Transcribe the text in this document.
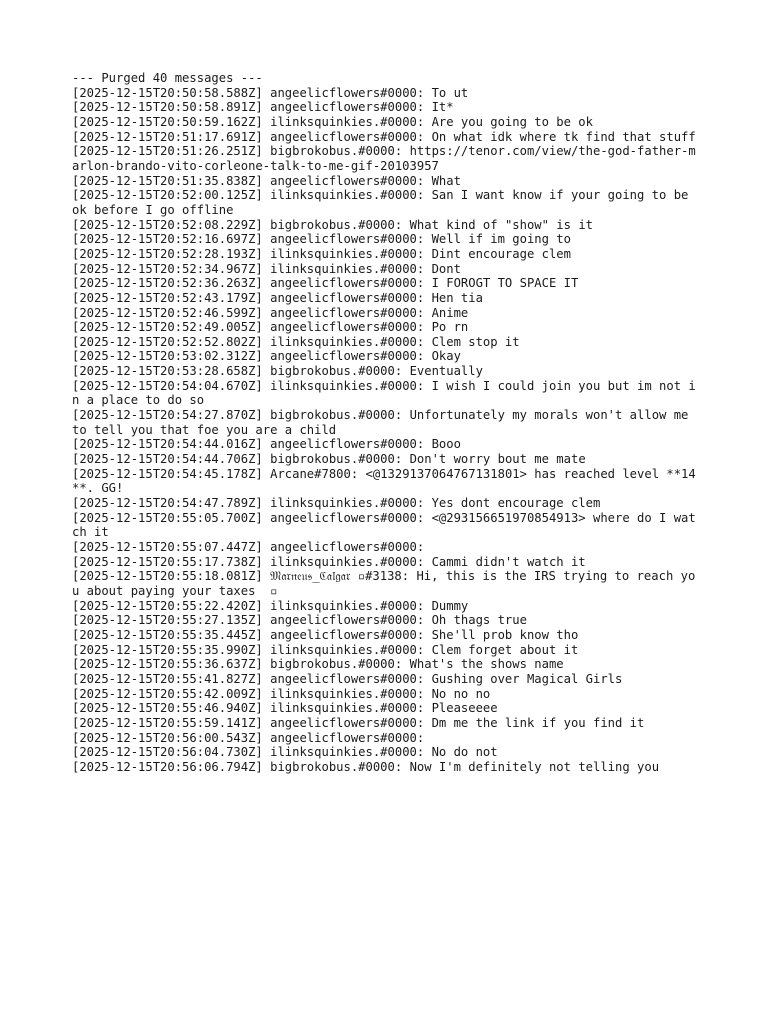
--- Purged 40 messages ---
[2025-12-15T20:50:58.588Z] angeelicflowers#0000: To ut
[2025-12-15T20:50:58.891Z] angeelicflowers#0000: It*
[2025-12-15T20:50:59.162Z] ilinksquinkies.#0000: Are you going to be ok
[2025-12-15T20:51:17.691Z] angeelicflowers#0000: On what idk where tk find that stuff
[2025-12-15T20:51:26.251Z] bigbrokobus.#0000: https://tenor.com/view/the-god-father-marlon-brando-vito-corleone-talk-to-me-gif-20103957
[2025-12-15T20:51:35.838Z] angeelicflowers#0000: What
[2025-12-15T20:52:00.125Z] ilinksquinkies.#0000: San I want know if your going to be ok before I go offline
[2025-12-15T20:52:08.229Z] bigbrokobus.#0000: What kind of "show" is it
[2025-12-15T20:52:16.697Z] angeelicflowers#0000: Well if im going to
[2025-12-15T20:52:28.193Z] ilinksquinkies.#0000: Dint encourage clem
[2025-12-15T20:52:34.967Z] ilinksquinkies.#0000: Dont
[2025-12-15T20:52:36.263Z] angeelicflowers#0000: I FOROGT TO SPACE IT
[2025-12-15T20:52:43.179Z] angeelicflowers#0000: Hen tia
[2025-12-15T20:52:46.599Z] angeelicflowers#0000: Anime
[2025-12-15T20:52:49.005Z] angeelicflowers#0000: Po rn
[2025-12-15T20:52:52.802Z] ilinksquinkies.#0000: Clem stop it
[2025-12-15T20:53:02.312Z] angeelicflowers#0000: Okay
[2025-12-15T20:53:28.658Z] bigbrokobus.#0000: Eventually
[2025-12-15T20:54:04.670Z] ilinksquinkies.#0000: I wish I could join you but im not in a place to do so
[2025-12-15T20:54:27.870Z] bigbrokobus.#0000: Unfortunately my morals won't allow me to tell you that foe you are a child
[2025-12-15T20:54:44.016Z] angeelicflowers#0000: Booo
[2025-12-15T20:54:44.706Z] bigbrokobus.#0000: Don't worry bout me mate
[2025-12-15T20:54:45.178Z] Arcane#7800: <@1329137064767131801> has reached level **14**. GG!
[2025-12-15T20:54:47.789Z] ilinksquinkies.#0000: Yes dont encourage clem
[2025-12-15T20:55:05.700Z] angeelicflowers#0000: <@293156651970854913> where do I watch it
[2025-12-15T20:55:07.447Z] angeelicflowers#0000:
[2025-12-15T20:55:17.738Z] ilinksquinkies.#0000: Cammi didn't watch it
[2025-12-15T20:55:18.081Z] 𝔐𝔞𝔯𝔫𝔢𝔲𝔰_ℭ𝔞𝔩𝔤𝔞𝔯 ▫#3138: Hi, this is the IRS trying to reach you about paying your taxes  ▫
[2025-12-15T20:55:22.420Z] ilinksquinkies.#0000: Dummy
[2025-12-15T20:55:27.135Z] angeelicflowers#0000: Oh thags true
[2025-12-15T20:55:35.445Z] angeelicflowers#0000: She'll prob know tho
[2025-12-15T20:55:35.990Z] ilinksquinkies.#0000: Clem forget about it
[2025-12-15T20:55:36.637Z] bigbrokobus.#0000: What's the shows name
[2025-12-15T20:55:41.827Z] angeelicflowers#0000: Gushing over Magical Girls
[2025-12-15T20:55:42.009Z] ilinksquinkies.#0000: No no no
[2025-12-15T20:55:46.940Z] ilinksquinkies.#0000: Pleaseeee
[2025-12-15T20:55:59.141Z] angeelicflowers#0000: Dm me the link if you find it
[2025-12-15T20:56:00.543Z] angeelicflowers#0000:
[2025-12-15T20:56:04.730Z] ilinksquinkies.#0000: No do not
[2025-12-15T20:56:06.794Z] bigbrokobus.#0000: Now I'm definitely not telling you
